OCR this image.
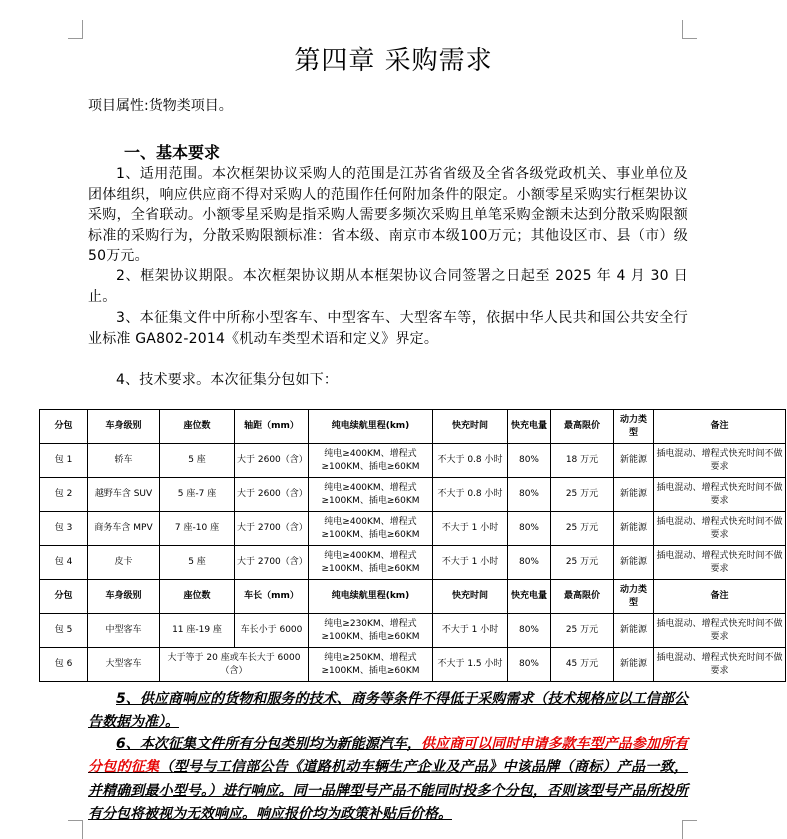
第四章 采购需求
项目属性:货物类项目。
一、基本要求
1、适用范围。本次框架协议采购人的范围是江苏省省级及全省各级党政机关、事业单位及团体组织，响应供应商不得对采购人的范围作任何附加条件的限定。小额零星采购实行框架协议采购，全省联动。小额零星采购是指采购人需要多频次采购且单笔采购金额未达到分散采购限额标准的采购行为，分散采购限额标准：省本级、南京市本级100万元；其他设区市、县（市）级50万元。
2、框架协议期限。本次框架协议期从本框架协议合同签署之日起至 2025 年 4 月 30 日止。
3、本征集文件中所称小型客车、中型客车、大型客车等，依据中华人民共和国公共安全行业标准 GA802-2014《机动车类型术语和定义》界定。
4、技术要求。本次征集分包如下：
分包	车身级别	座位数	轴距（mm）	纯电续航里程(km)	快充时间	快充电量	最高限价	动力类型	备注
包 1	轿车	5 座	大于 2600（含）	纯电≥400KM、增程式≥100KM、插电≥60KM	不大于 0.8 小时	80%	18 万元	新能源	插电混动、增程式快充时间不做要求
包 2	越野车含 SUV	5 座-7 座	大于 2600（含）	纯电≥400KM、增程式≥100KM、插电≥60KM	不大于 0.8 小时	80%	25 万元	新能源	插电混动、增程式快充时间不做要求
包 3	商务车含 MPV	7 座-10 座	大于 2700（含）	纯电≥400KM、增程式≥100KM、插电≥60KM	不大于 1 小时	80%	25 万元	新能源	插电混动、增程式快充时间不做要求
包 4	皮卡	5 座	大于 2700（含）	纯电≥400KM、增程式≥100KM、插电≥60KM	不大于 1 小时	80%	25 万元	新能源	插电混动、增程式快充时间不做要求
分包	车身级别	座位数	车长（mm）	纯电续航里程(km)	快充时间	快充电量	最高限价	动力类型	备注
包 5	中型客车	11 座-19 座	车长小于 6000	纯电≥230KM、增程式≥100KM、插电≥60KM	不大于 1 小时	80%	25 万元	新能源	插电混动、增程式快充时间不做要求
包 6	大型客车	大于等于 20 座或车长大于 6000（含）		纯电≥250KM、增程式≥100KM、插电≥60KM	不大于 1.5 小时	80%	45 万元	新能源	插电混动、增程式快充时间不做要求
5、供应商响应的货物和服务的技术、商务等条件不得低于采购需求（技术规格应以工信部公告数据为准）。
6、本次征集文件所有分包类别均为新能源汽车，供应商可以同时申请多款车型产品参加所有分包的征集（型号与工信部公告《道路机动车辆生产企业及产品》中该品牌（商标）产品一致，并精确到最小型号。）进行响应。同一品牌型号产品不能同时投多个分包，否则该型号产品所投所有分包将被视为无效响应。响应报价均为政策补贴后价格。
